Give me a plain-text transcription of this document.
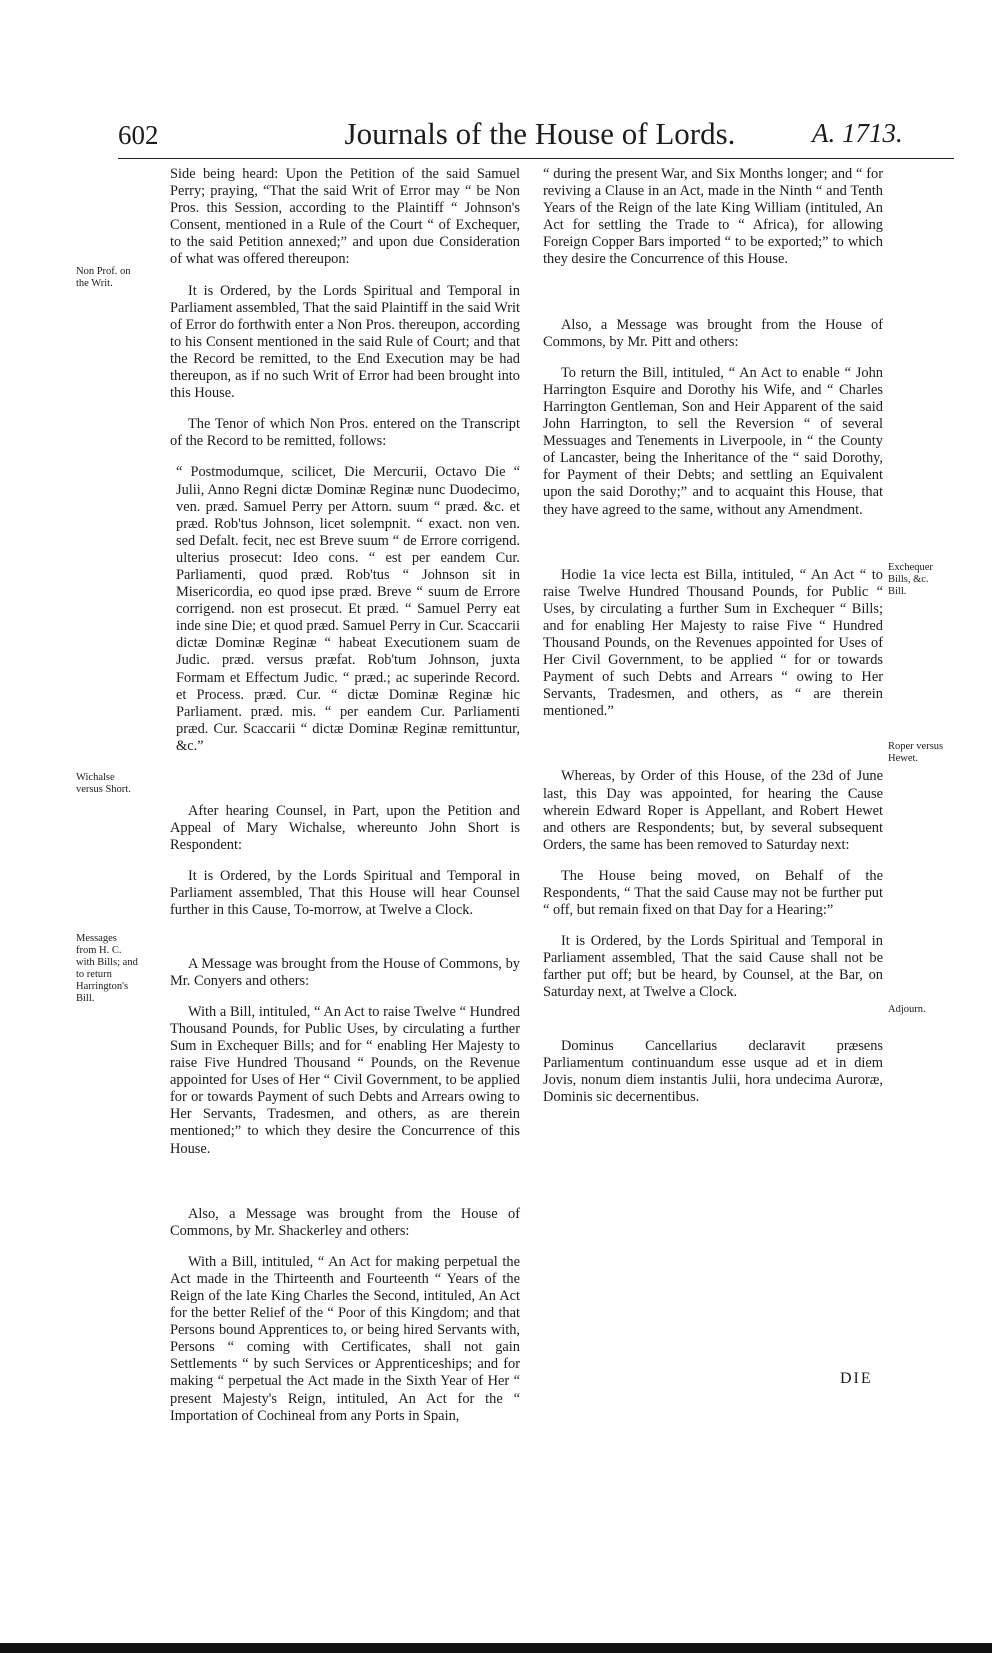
602	Journals of the House of Lords.	A. 1713.
Non Prof. on the Writ.
Wichalse versus Short.
Messages from H. C. with Bills; and to return Harrington's Bill.
Exchequer Bills, &c. Bill.
Roper versus Hewet.
Adjourn.

Side being heard: Upon the Petition of the said Samuel Perry; praying, “That the said Writ of Error may “ be Non Pros. this Session, according to the Plaintiff “ Johnson's Consent, mentioned in a Rule of the Court “ of Exchequer, to the said Petition annexed;” and upon due Consideration of what was offered thereupon:

It is Ordered, by the Lords Spiritual and Temporal in Parliament assembled, That the said Plaintiff in the said Writ of Error do forthwith enter a Non Pros. thereupon, according to his Consent mentioned in the said Rule of Court; and that the Record be remitted, to the End Execution may be had thereupon, as if no such Writ of Error had been brought into this House.

The Tenor of which Non Pros. entered on the Transcript of the Record to be remitted, follows:

“ Postmodumque, scilicet, Die Mercurii, Octavo Die “ Julii, Anno Regni dictæ Dominæ Reginæ nunc Duodecimo, ven. præd. Samuel Perry per Attorn. suum “ præd. &c. et præd. Rob'tus Johnson, licet solempnit. “ exact. non ven. sed Defalt. fecit, nec est Breve suum “ de Errore corrigend. ulterius prosecut: Ideo cons. “ est per eandem Cur. Parliamenti, quod præd. Rob'tus “ Johnson sit in Misericordia, eo quod ipse præd. Breve “ suum de Errore corrigend. non est prosecut. Et præd. “ Samuel Perry eat inde sine Die; et quod præd. Samuel Perry in Cur. Scaccarii dictæ Dominæ Reginæ “ habeat Executionem suam de Judic. præd. versus præfat. Rob'tum Johnson, juxta Formam et Effectum Judic. “ præd.; ac superinde Record. et Process. præd. Cur. “ dictæ Dominæ Reginæ hic Parliament. præd. mis. “ per eandem Cur. Parliamenti præd. Cur. Scaccarii “ dictæ Dominæ Reginæ remittuntur, &c.”

After hearing Counsel, in Part, upon the Petition and Appeal of Mary Wichalse, whereunto John Short is Respondent:

It is Ordered, by the Lords Spiritual and Temporal in Parliament assembled, That this House will hear Counsel further in this Cause, To-morrow, at Twelve a Clock.

A Message was brought from the House of Commons, by Mr. Conyers and others:

With a Bill, intituled, “ An Act to raise Twelve “ Hundred Thousand Pounds, for Public Uses, by circulating a further Sum in Exchequer Bills; and for “ enabling Her Majesty to raise Five Hundred Thousand “ Pounds, on the Revenue appointed for Uses of Her “ Civil Government, to be applied for or towards Payment of such Debts and Arrears owing to Her Servants, Tradesmen, and others, as are therein mentioned;” to which they desire the Concurrence of this House.

Also, a Message was brought from the House of Commons, by Mr. Shackerley and others:

With a Bill, intituled, “ An Act for making perpetual the Act made in the Thirteenth and Fourteenth “ Years of the Reign of the late King Charles the Second, intituled, An Act for the better Relief of the “ Poor of this Kingdom; and that Persons bound Apprentices to, or being hired Servants with, Persons “ coming with Certificates, shall not gain Settlements “ by such Services or Apprenticeships; and for making “ perpetual the Act made in the Sixth Year of Her “ present Majesty's Reign, intituled, An Act for the “ Importation of Cochineal from any Ports in Spain,

“ during the present War, and Six Months longer; and “ for reviving a Clause in an Act, made in the Ninth “ and Tenth Years of the Reign of the late King William (intituled, An Act for settling the Trade to “ Africa), for allowing Foreign Copper Bars imported “ to be exported;” to which they desire the Concurrence of this House.

Also, a Message was brought from the House of Commons, by Mr. Pitt and others:

To return the Bill, intituled, “ An Act to enable “ John Harrington Esquire and Dorothy his Wife, and “ Charles Harrington Gentleman, Son and Heir Apparent of the said John Harrington, to sell the Reversion “ of several Messuages and Tenements in Liverpoole, in “ the County of Lancaster, being the Inheritance of the “ said Dorothy, for Payment of their Debts; and settling an Equivalent upon the said Dorothy;” and to acquaint this House, that they have agreed to the same, without any Amendment.

Hodie 1a vice lecta est Billa, intituled, “ An Act “ to raise Twelve Hundred Thousand Pounds, for Public “ Uses, by circulating a further Sum in Exchequer “ Bills; and for enabling Her Majesty to raise Five “ Hundred Thousand Pounds, on the Revenues appointed for Uses of Her Civil Government, to be applied “ for or towards Payment of such Debts and Arrears “ owing to Her Servants, Tradesmen, and others, as “ are therein mentioned.”

Whereas, by Order of this House, of the 23d of June last, this Day was appointed, for hearing the Cause wherein Edward Roper is Appellant, and Robert Hewet and others are Respondents; but, by several subsequent Orders, the same has been removed to Saturday next:

The House being moved, on Behalf of the Respondents, “ That the said Cause may not be further put “ off, but remain fixed on that Day for a Hearing:”

It is Ordered, by the Lords Spiritual and Temporal in Parliament assembled, That the said Cause shall not be farther put off; but be heard, by Counsel, at the Bar, on Saturday next, at Twelve a Clock.

Dominus Cancellarius declaravit præsens Parliamentum continuandum esse usque ad et in diem Jovis, nonum diem instantis Julii, hora undecima Auroræ, Dominis sic decernentibus.

DIE
